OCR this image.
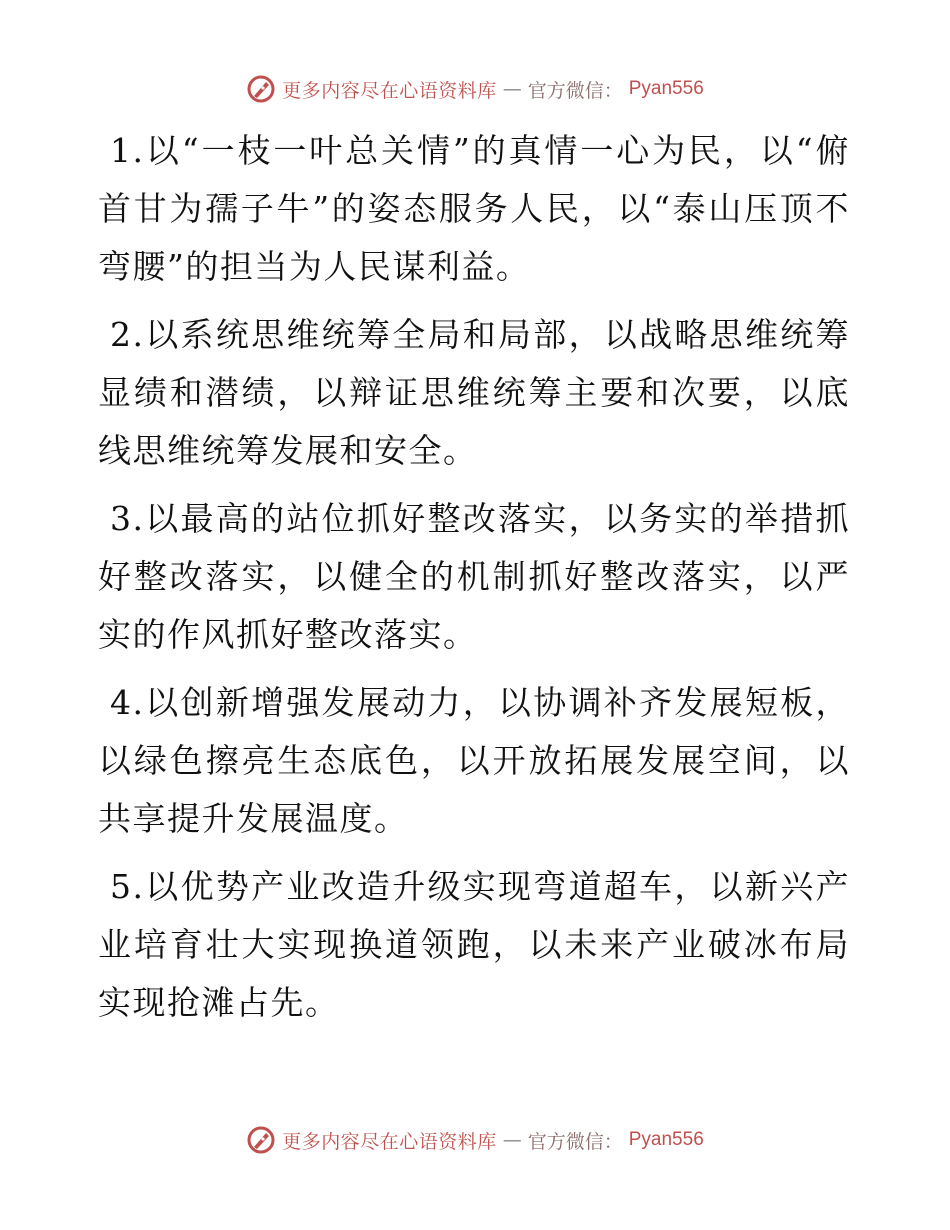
更多内容尽在心语资料库 — 官方微信： Pyan556

1.以“一枝一叶总关情”的真情一心为民，以“俯首甘为孺子牛”的姿态服务人民，以“泰山压顶不弯腰”的担当为人民谋利益。

2.以系统思维统筹全局和局部，以战略思维统筹显绩和潜绩，以辩证思维统筹主要和次要，以底线思维统筹发展和安全。

3.以最高的站位抓好整改落实，以务实的举措抓好整改落实，以健全的机制抓好整改落实，以严实的作风抓好整改落实。

4.以创新增强发展动力，以协调补齐发展短板，以绿色擦亮生态底色，以开放拓展发展空间，以共享提升发展温度。

5.以优势产业改造升级实现弯道超车，以新兴产业培育壮大实现换道领跑，以未来产业破冰布局实现抢滩占先。

更多内容尽在心语资料库 — 官方微信： Pyan556
